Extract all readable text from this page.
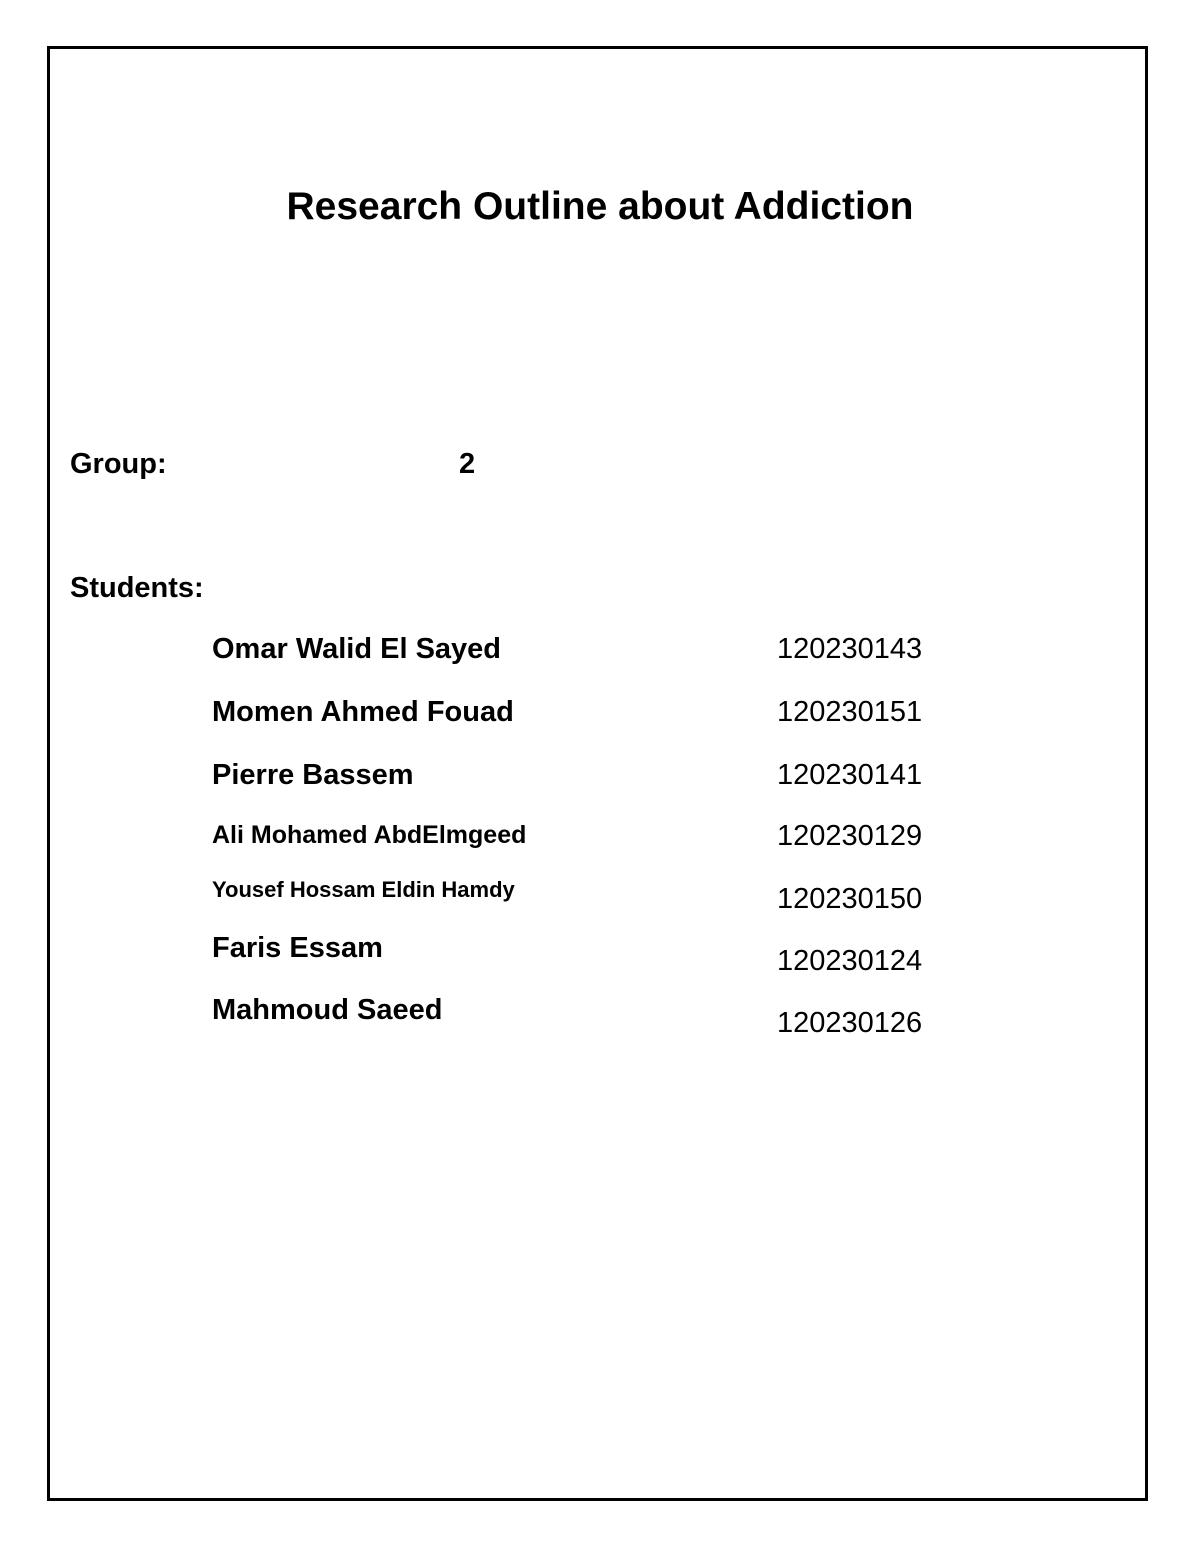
Research Outline about Addiction
Group:	2
Students:
Omar Walid El Sayed	120230143
Momen Ahmed Fouad	120230151
Pierre Bassem	120230141
Ali Mohamed AbdElmgeed	120230129
Yousef Hossam Eldin Hamdy	120230150
Faris Essam	120230124
Mahmoud Saeed	120230126
